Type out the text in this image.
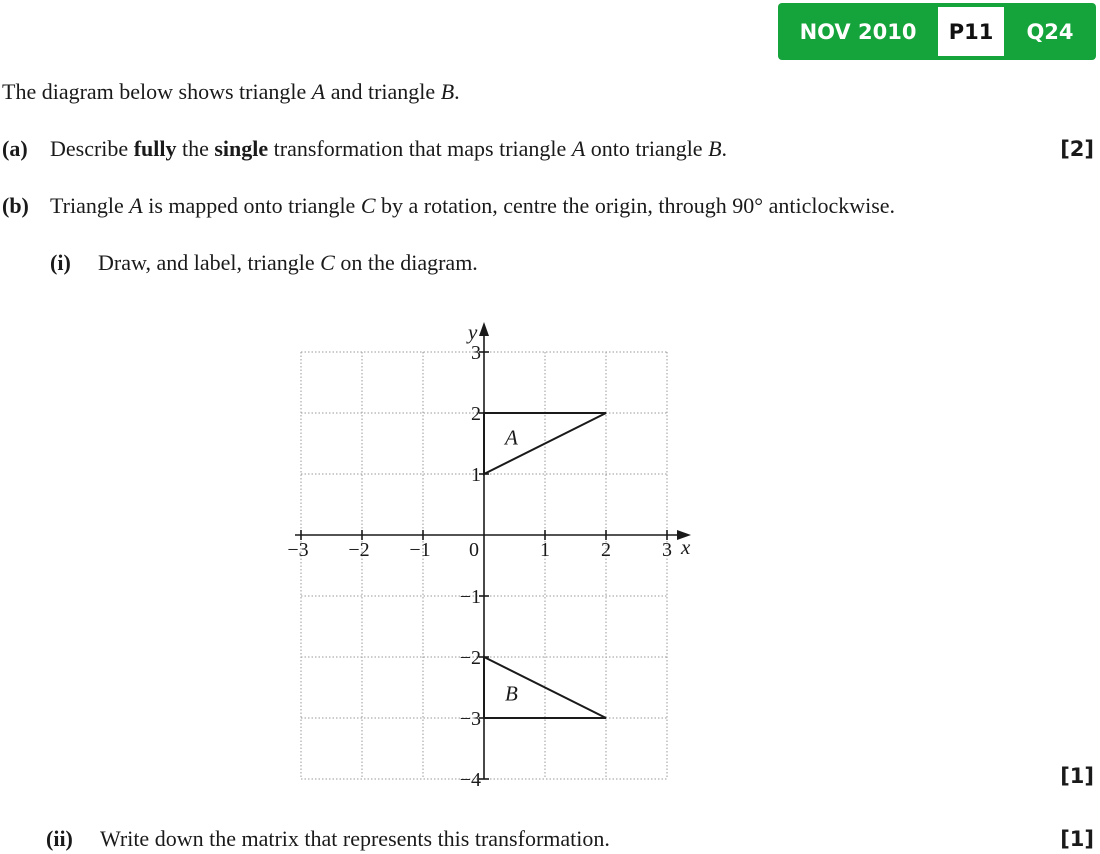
NOV 2010	P11	Q24
The diagram below shows triangle A and triangle B.
(a) Describe fully the single transformation that maps triangle A onto triangle B.	[2]
(b) Triangle A is mapped onto triangle C by a rotation, centre the origin, through 90° anticlockwise.
(i) Draw, and label, triangle C on the diagram.
x
y
−3 −2 −1 0	1	2	3
3
2
1
−1
−2
−3
−4
A
B
[1]
(ii) Write down the matrix that represents this transformation.	[1]
